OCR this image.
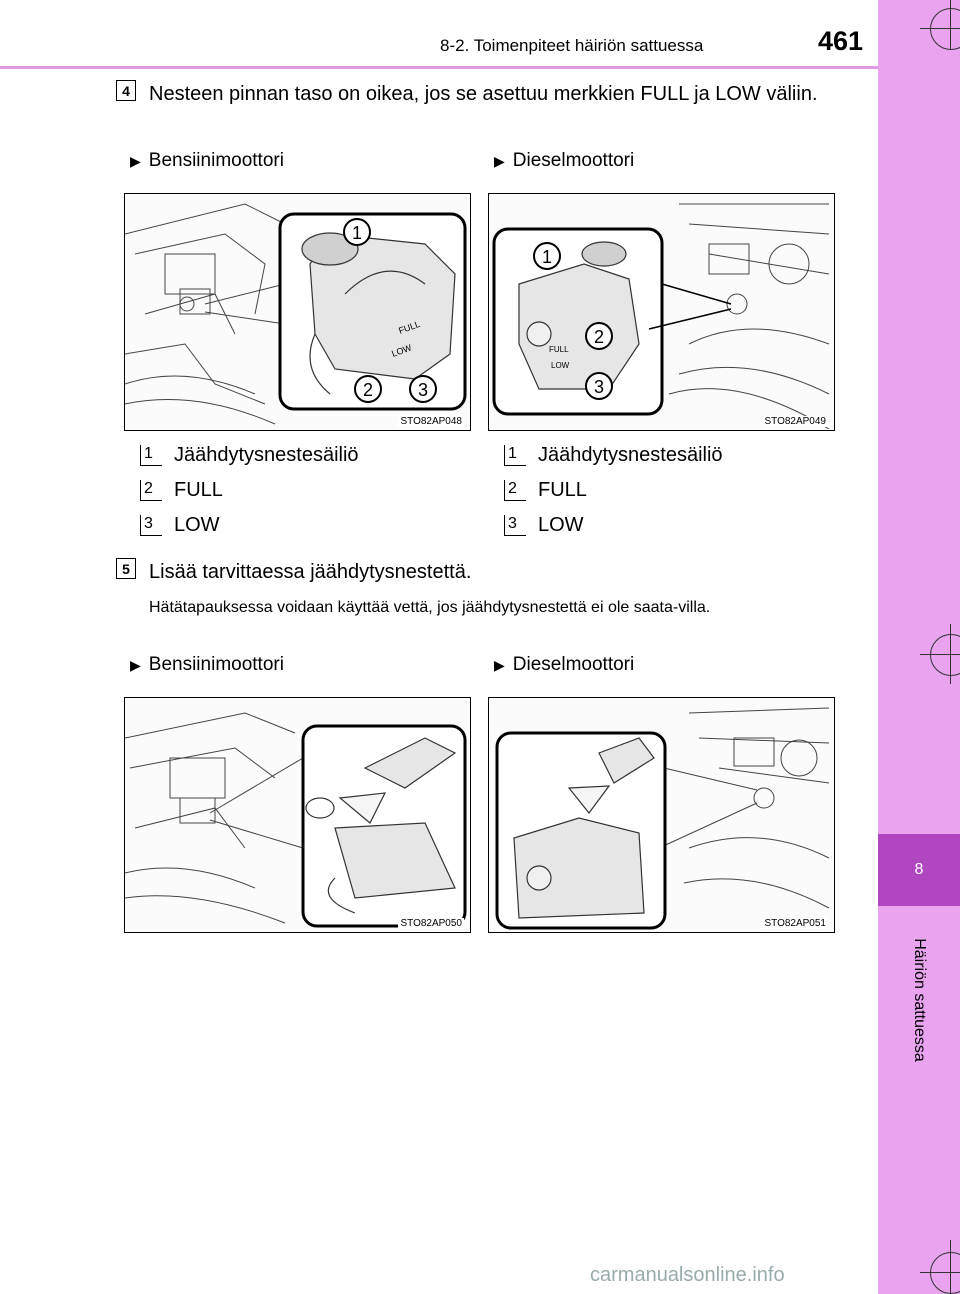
8-2. Toimenpiteet häiriön sattuessa	461
8
Häiriön sattuessa
4 Nesteen pinnan taso on oikea, jos se asettuu merkkien FULL ja LOW väliin.
▶ Bensiinimoottori	▶ Dieselmoottori
FULL
LOW
1
2 3
STO82AP048
FULL
LOW
1
2
3
STO82AP049
1 Jäähdytysnestesäiliö
2 FULL
3 LOW
1 Jäähdytysnestesäiliö
2 FULL
3 LOW
5 Lisää tarvittaessa jäähdytysnestettä.
Hätätapauksessa voidaan käyttää vettä, jos jäähdytysnestettä ei ole saata-villa.
▶ Bensiinimoottori	▶ Dieselmoottori
STO82AP050	STO82AP051
carmanualsonline.info
